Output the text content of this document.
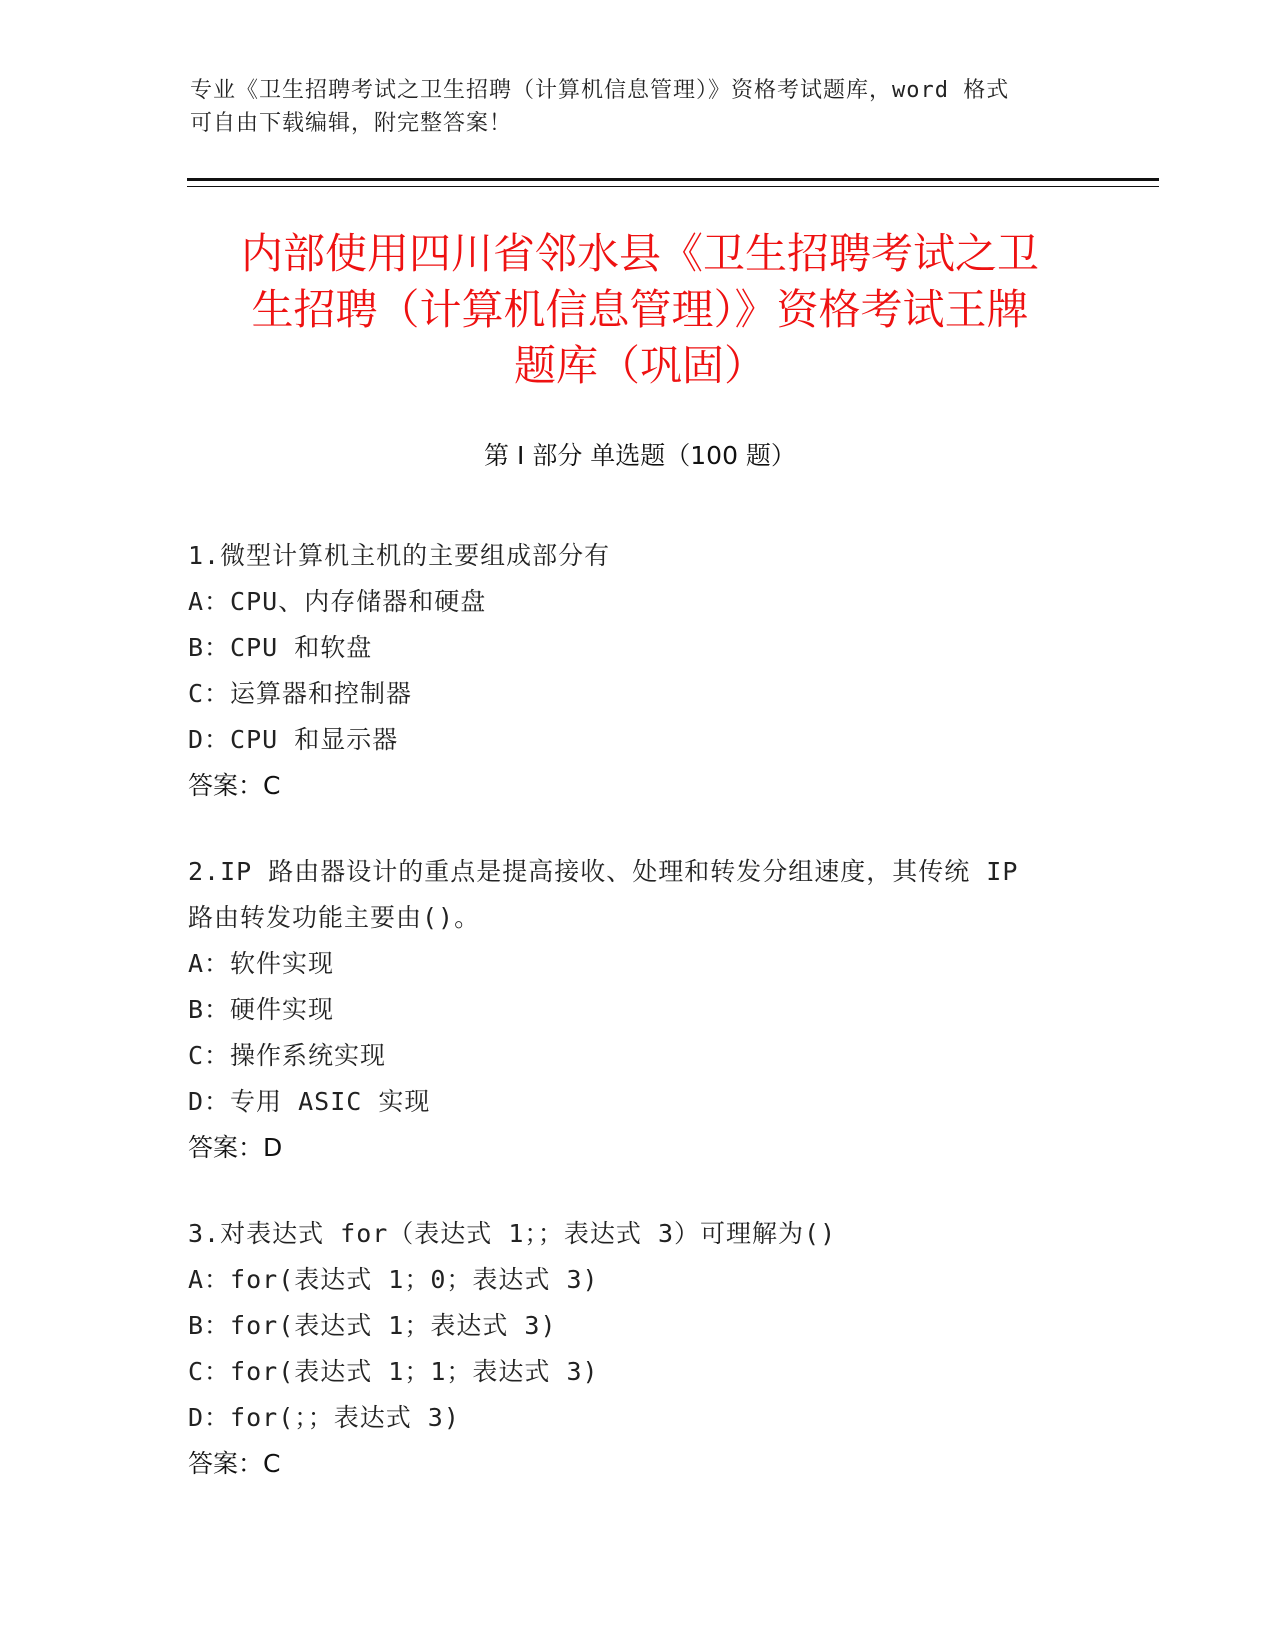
专业《卫生招聘考试之卫生招聘（计算机信息管理）》资格考试题库，word 格式
可自由下载编辑，附完整答案！
内部使用四川省邻水县《卫生招聘考试之卫
生招聘（计算机信息管理）》资格考试王牌
题库（巩固）
第 I 部分 单选题（100 题）
1.微型计算机主机的主要组成部分有
A：CPU、内存储器和硬盘
B：CPU 和软盘
C：运算器和控制器
D：CPU 和显示器
答案：C
2.IP 路由器设计的重点是提高接收、处理和转发分组速度，其传统 IP
路由转发功能主要由()。
A：软件实现
B：硬件实现
C：操作系统实现
D：专用 ASIC 实现
答案：D
3.对表达式 for（表达式 1；；表达式 3）可理解为()
A：for(表达式 1；0；表达式 3)
B：for(表达式 1；表达式 3)
C：for(表达式 1；1；表达式 3)
D：for(；；表达式 3)
答案：C
